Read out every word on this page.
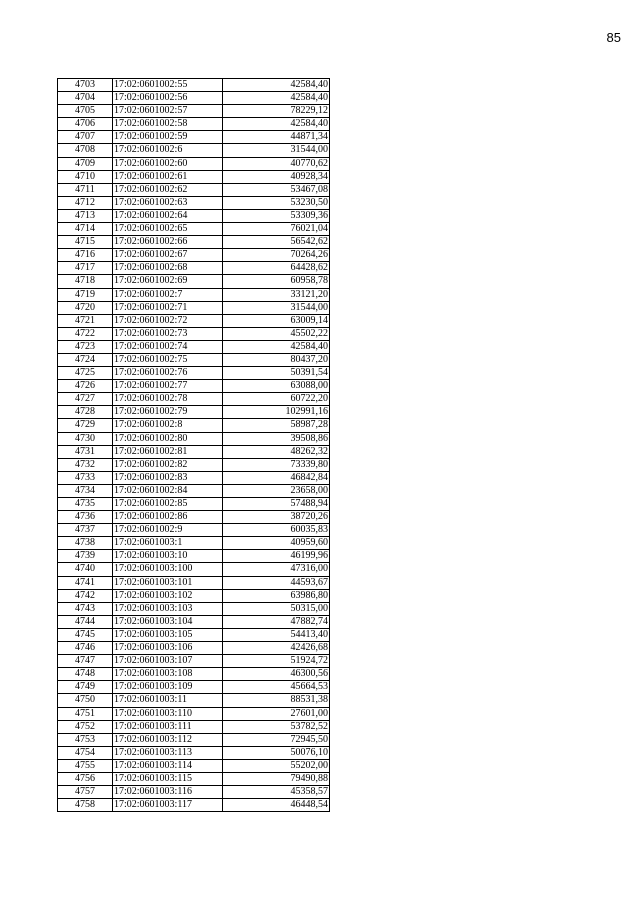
85
4703	17:02:0601002:55	42584,40
4704	17:02:0601002:56	42584,40
4705	17:02:0601002:57	78229,12
4706	17:02:0601002:58	42584,40
4707	17:02:0601002:59	44871,34
4708	17:02:0601002:6	31544,00
4709	17:02:0601002:60	40770,62
4710	17:02:0601002:61	40928,34
4711	17:02:0601002:62	53467,08
4712	17:02:0601002:63	53230,50
4713	17:02:0601002:64	53309,36
4714	17:02:0601002:65	76021,04
4715	17:02:0601002:66	56542,62
4716	17:02:0601002:67	70264,26
4717	17:02:0601002:68	64428,62
4718	17:02:0601002:69	60958,78
4719	17:02:0601002:7	33121,20
4720	17:02:0601002:71	31544,00
4721	17:02:0601002:72	63009,14
4722	17:02:0601002:73	45502,22
4723	17:02:0601002:74	42584,40
4724	17:02:0601002:75	80437,20
4725	17:02:0601002:76	50391,54
4726	17:02:0601002:77	63088,00
4727	17:02:0601002:78	60722,20
4728	17:02:0601002:79	102991,16
4729	17:02:0601002:8	58987,28
4730	17:02:0601002:80	39508,86
4731	17:02:0601002:81	48262,32
4732	17:02:0601002:82	73339,80
4733	17:02:0601002:83	46842,84
4734	17:02:0601002:84	23658,00
4735	17:02:0601002:85	57488,94
4736	17:02:0601002:86	38720,26
4737	17:02:0601002:9	60035,83
4738	17:02:0601003:1	40959,60
4739	17:02:0601003:10	46199,96
4740	17:02:0601003:100	47316,00
4741	17:02:0601003:101	44593,67
4742	17:02:0601003:102	63986,80
4743	17:02:0601003:103	50315,00
4744	17:02:0601003:104	47882,74
4745	17:02:0601003:105	54413,40
4746	17:02:0601003:106	42426,68
4747	17:02:0601003:107	51924,72
4748	17:02:0601003:108	46300,56
4749	17:02:0601003:109	45664,53
4750	17:02:0601003:11	88531,38
4751	17:02:0601003:110	27601,00
4752	17:02:0601003:111	53782,52
4753	17:02:0601003:112	72945,50
4754	17:02:0601003:113	50076,10
4755	17:02:0601003:114	55202,00
4756	17:02:0601003:115	79490,88
4757	17:02:0601003:116	45358,57
4758	17:02:0601003:117	46448,54
